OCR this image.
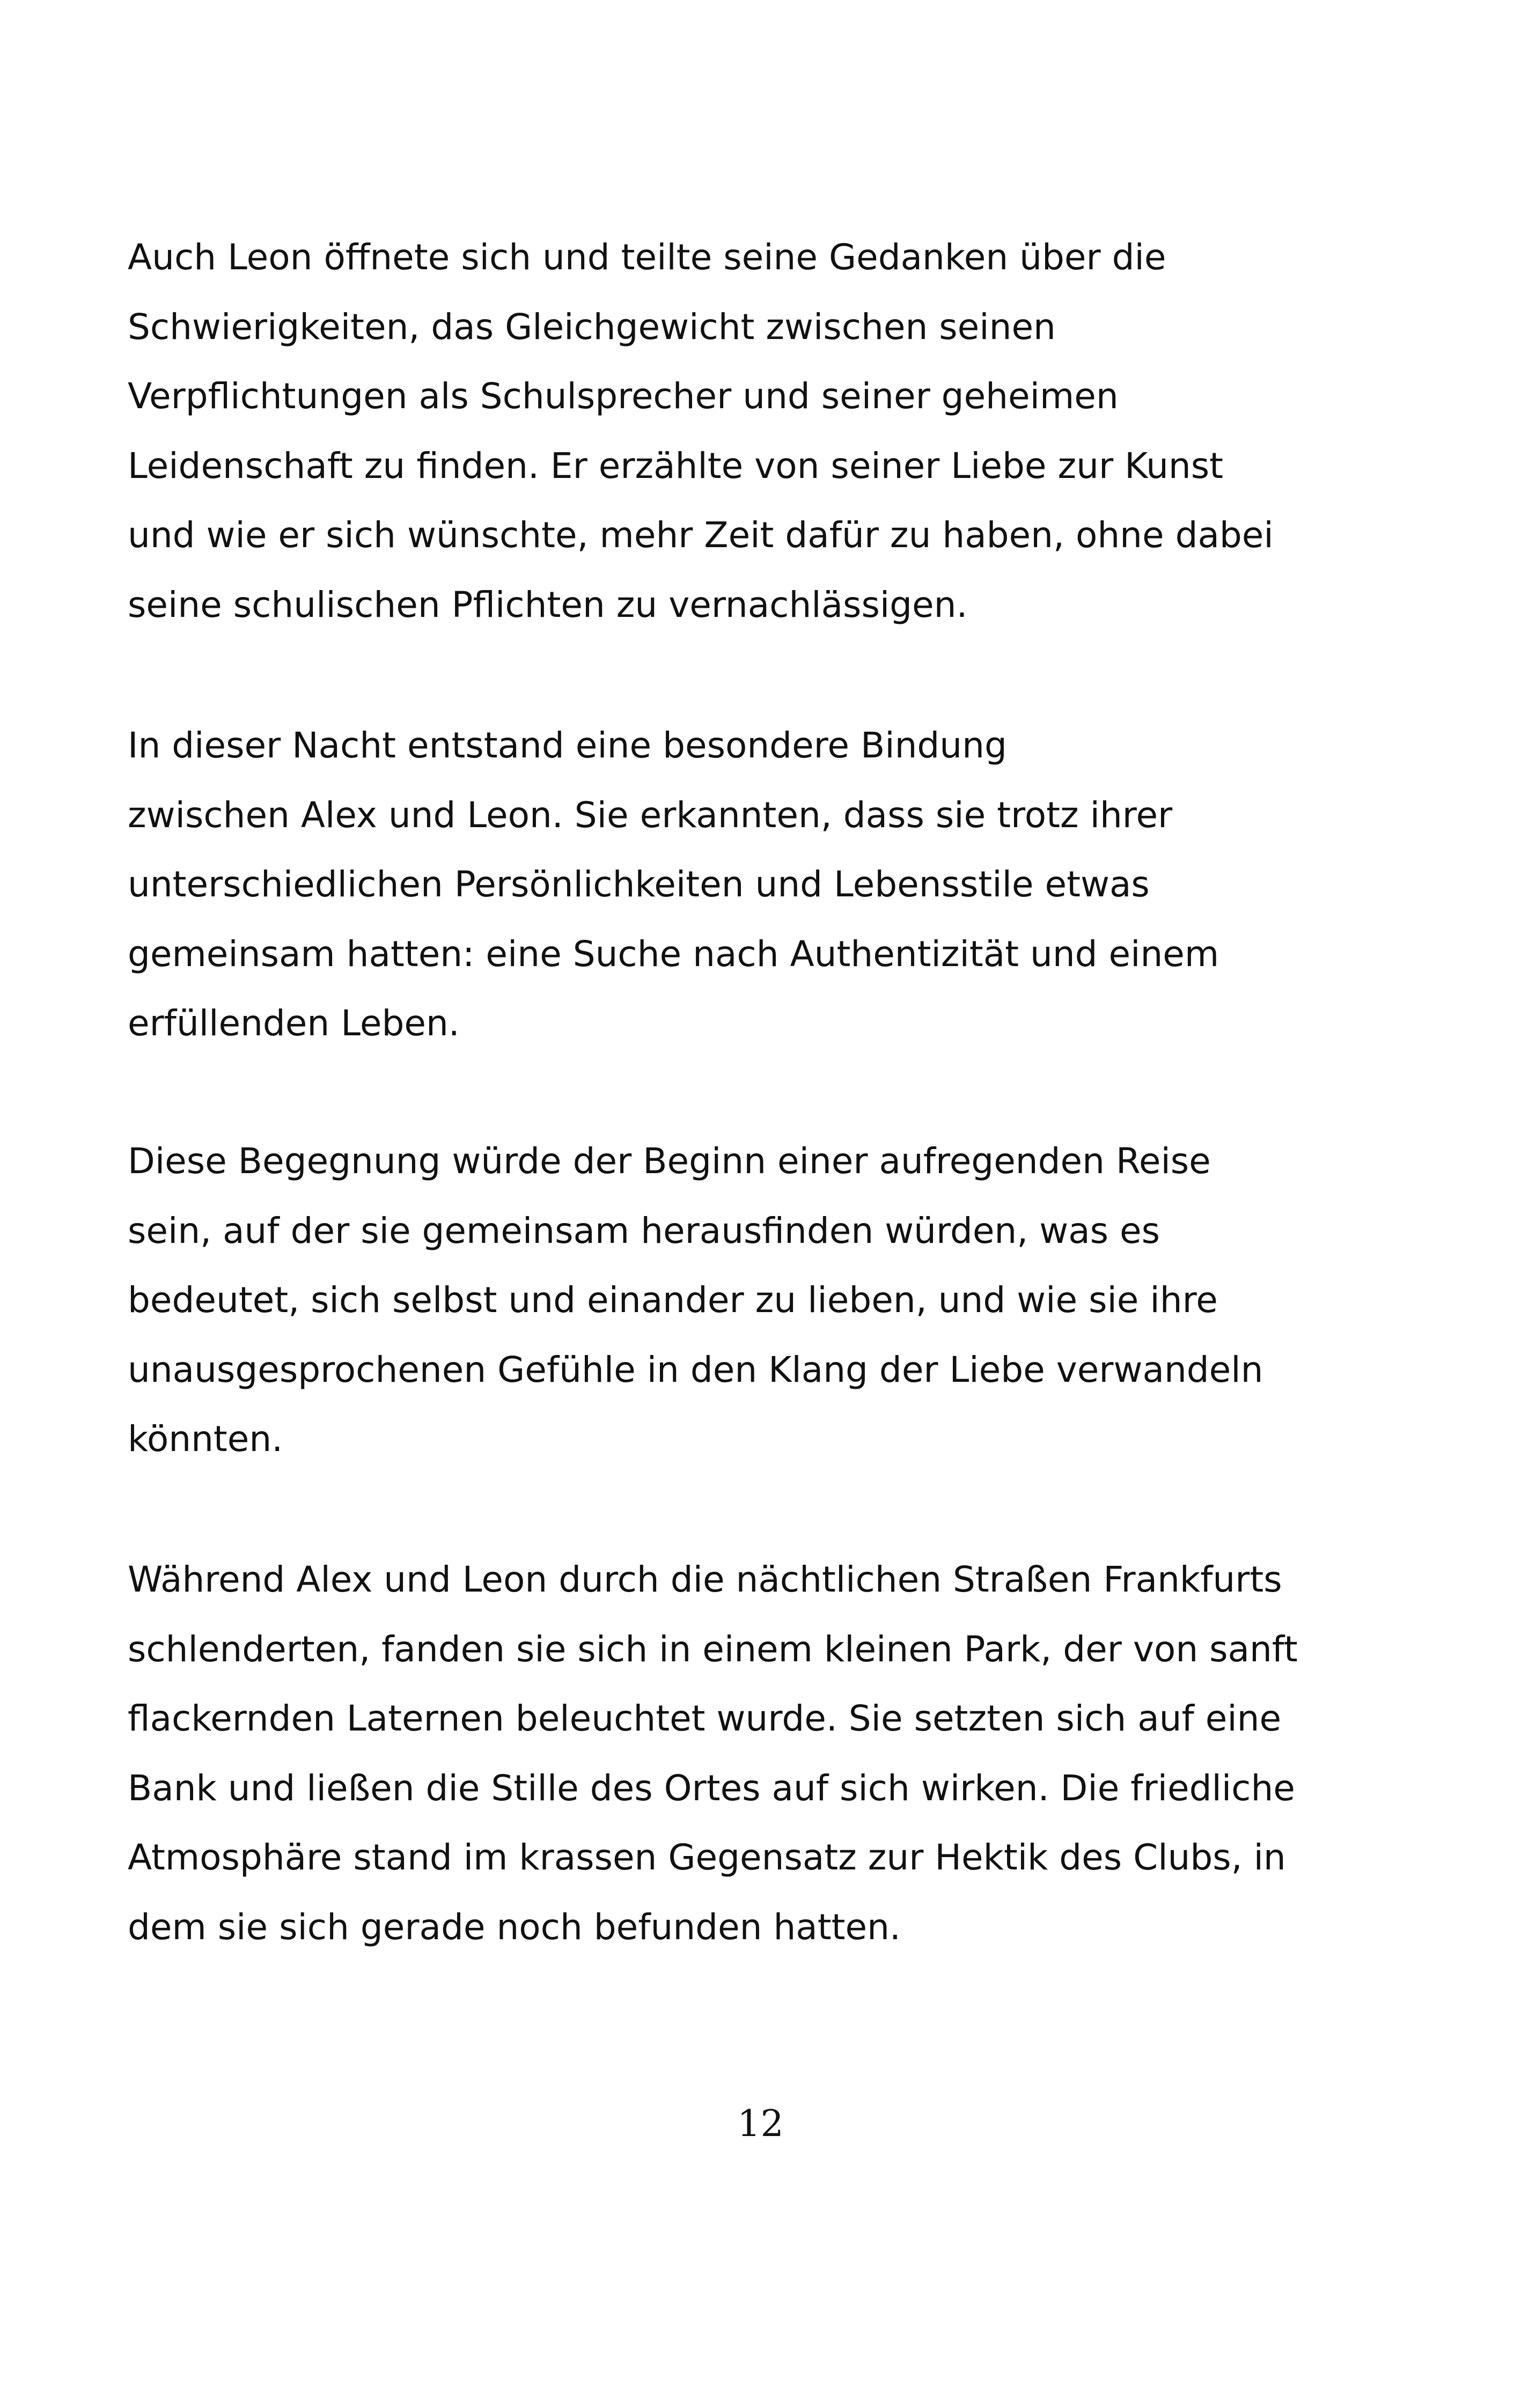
Auch Leon öffnete sich und teilte seine Gedanken über die
Schwierigkeiten, das Gleichgewicht zwischen seinen
Verpflichtungen als Schulsprecher und seiner geheimen
Leidenschaft zu finden. Er erzählte von seiner Liebe zur Kunst
und wie er sich wünschte, mehr Zeit dafür zu haben, ohne dabei
seine schulischen Pflichten zu vernachlässigen.

In dieser Nacht entstand eine besondere Bindung
zwischen Alex und Leon. Sie erkannten, dass sie trotz ihrer
unterschiedlichen Persönlichkeiten und Lebensstile etwas
gemeinsam hatten: eine Suche nach Authentizität und einem
erfüllenden Leben.

Diese Begegnung würde der Beginn einer aufregenden Reise
sein, auf der sie gemeinsam herausfinden würden, was es
bedeutet, sich selbst und einander zu lieben, und wie sie ihre
unausgesprochenen Gefühle in den Klang der Liebe verwandeln
könnten.

Während Alex und Leon durch die nächtlichen Straßen Frankfurts
schlenderten, fanden sie sich in einem kleinen Park, der von sanft
flackernden Laternen beleuchtet wurde. Sie setzten sich auf eine
Bank und ließen die Stille des Ortes auf sich wirken. Die friedliche
Atmosphäre stand im krassen Gegensatz zur Hektik des Clubs, in
dem sie sich gerade noch befunden hatten.

12
